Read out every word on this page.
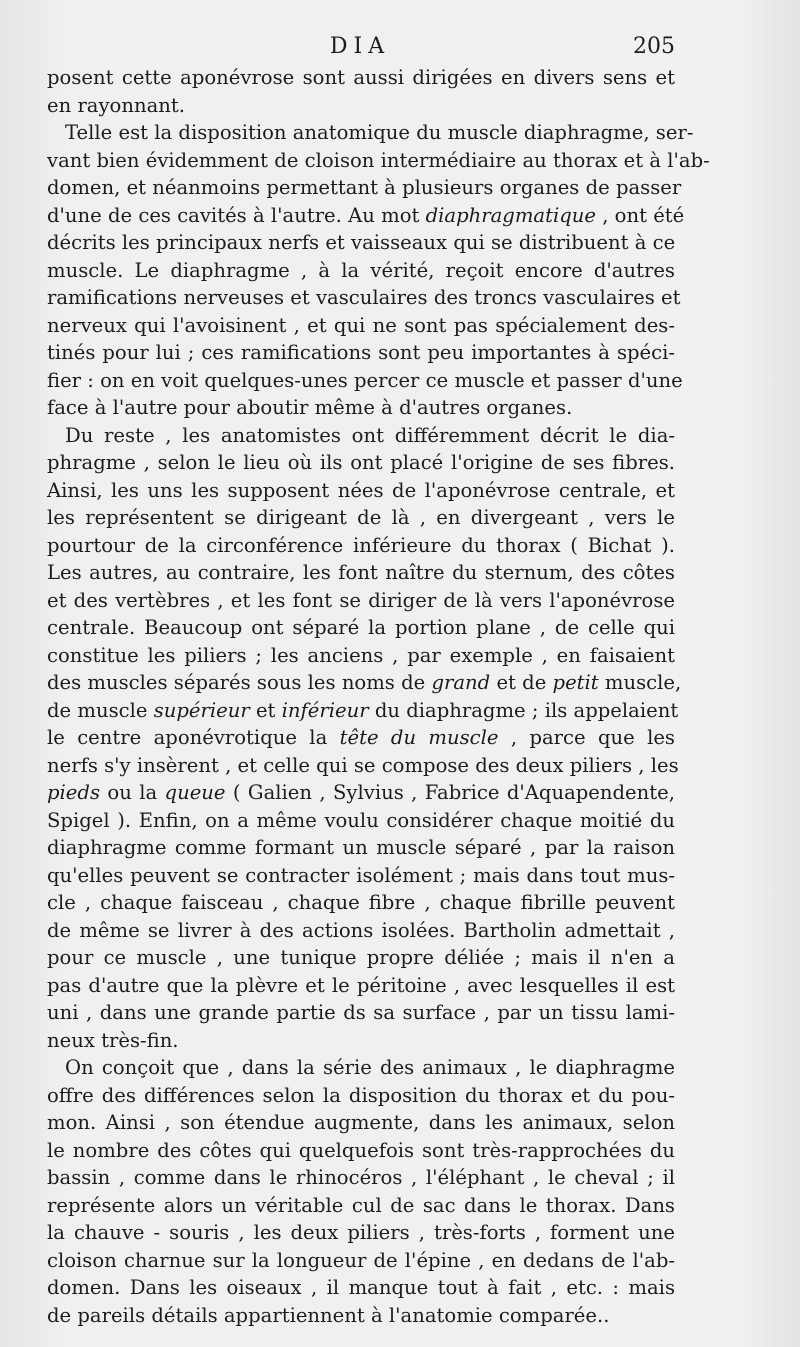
DIA	205
posent cette aponévrose sont aussi dirigées en divers sens et
en rayonnant.
Telle est la disposition anatomique du muscle diaphragme, ser-
vant bien évidemment de cloison intermédiaire au thorax et à l'ab-
domen, et néanmoins permettant à plusieurs organes de passer
d'une de ces cavités à l'autre. Au mot diaphragmatique , ont été
décrits les principaux nerfs et vaisseaux qui se distribuent à ce
muscle. Le diaphragme , à la vérité, reçoit encore d'autres
ramifications nerveuses et vasculaires des troncs vasculaires et
nerveux qui l'avoisinent , et qui ne sont pas spécialement des-
tinés pour lui ; ces ramifications sont peu importantes à spéci-
fier : on en voit quelques-unes percer ce muscle et passer d'une
face à l'autre pour aboutir même à d'autres organes.
Du reste , les anatomistes ont différemment décrit le dia-
phragme , selon le lieu où ils ont placé l'origine de ses fibres.
Ainsi, les uns les supposent nées de l'aponévrose centrale, et
les représentent se dirigeant de là , en divergeant , vers le
pourtour de la circonférence inférieure du thorax ( Bichat ).
Les autres, au contraire, les font naître du sternum, des côtes
et des vertèbres , et les font se diriger de là vers l'aponévrose
centrale. Beaucoup ont séparé la portion plane , de celle qui
constitue les piliers ; les anciens , par exemple , en faisaient
des muscles séparés sous les noms de grand et de petit muscle,
de muscle supérieur et inférieur du diaphragme ; ils appelaient
le centre aponévrotique la tête du muscle , parce que les
nerfs s'y insèrent , et celle qui se compose des deux piliers , les
pieds ou la queue ( Galien , Sylvius , Fabrice d'Aquapendente,
Spigel ). Enfin, on a même voulu considérer chaque moitié du
diaphragme comme formant un muscle séparé , par la raison
qu'elles peuvent se contracter isolément ; mais dans tout mus-
cle , chaque faisceau , chaque fibre , chaque fibrille peuvent
de même se livrer à des actions isolées. Bartholin admettait ,
pour ce muscle , une tunique propre déliée ; mais il n'en a
pas d'autre que la plèvre et le péritoine , avec lesquelles il est
uni , dans une grande partie ds sa surface , par un tissu lami-
neux très-fin.
On conçoit que , dans la série des animaux , le diaphragme
offre des différences selon la disposition du thorax et du pou-
mon. Ainsi , son étendue augmente, dans les animaux, selon
le nombre des côtes qui quelquefois sont très-rapprochées du
bassin , comme dans le rhinocéros , l'éléphant , le cheval ; il
représente alors un véritable cul de sac dans le thorax. Dans
la chauve - souris , les deux piliers , très-forts , forment une
cloison charnue sur la longueur de l'épine , en dedans de l'ab-
domen. Dans les oiseaux , il manque tout à fait , etc. : mais
de pareils détails appartiennent à l'anatomie comparée..
